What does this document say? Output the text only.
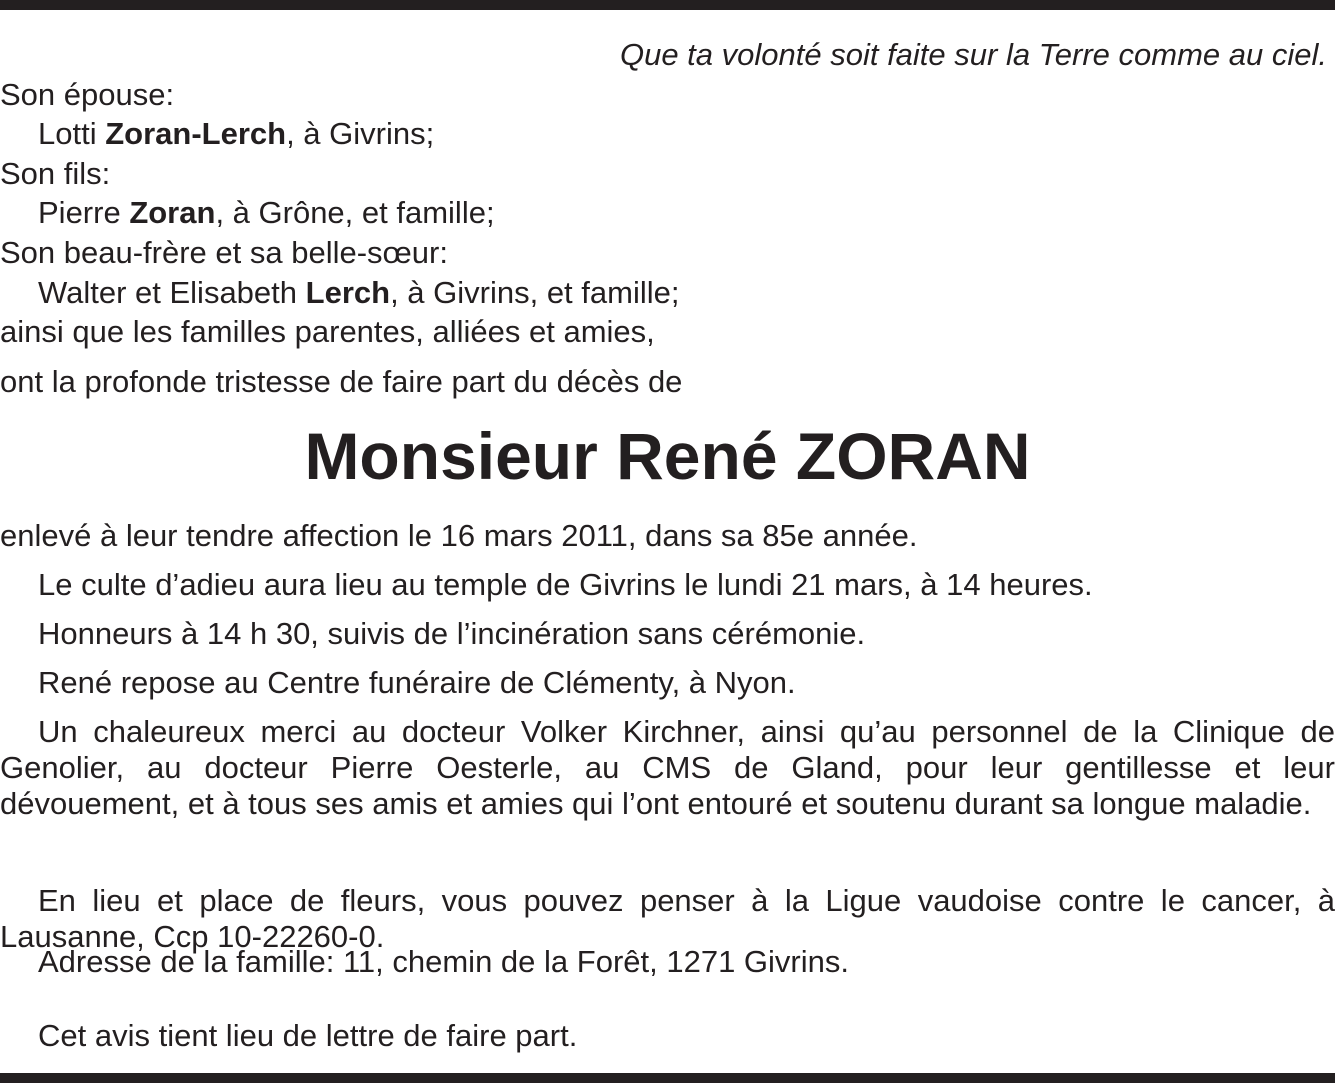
Que ta volonté soit faite sur la Terre comme au ciel.
Son épouse:
Lotti Zoran-Lerch, à Givrins;
Son fils:
Pierre Zoran, à Grône, et famille;
Son beau-frère et sa belle-sœur:
Walter et Elisabeth Lerch, à Givrins, et famille;
ainsi que les familles parentes, alliées et amies,
ont la profonde tristesse de faire part du décès de
Monsieur René ZORAN
enlevé à leur tendre affection le 16 mars 2011, dans sa 85e année.
Le culte d’adieu aura lieu au temple de Givrins le lundi 21 mars, à 14 heures.
Honneurs à 14 h 30, suivis de l’incinération sans cérémonie.
René repose au Centre funéraire de Clémenty, à Nyon.
Un chaleureux merci au docteur Volker Kirchner, ainsi qu’au personnel de la Clinique de Genolier, au docteur Pierre Oesterle, au CMS de Gland, pour leur gentillesse et leur dévouement, et à tous ses amis et amies qui l’ont entouré et soutenu durant sa longue maladie.
En lieu et place de fleurs, vous pouvez penser à la Ligue vaudoise contre le cancer, à Lausanne, Ccp 10-22260-0.
Adresse de la famille: 11, chemin de la Forêt, 1271 Givrins.
Cet avis tient lieu de lettre de faire part.
